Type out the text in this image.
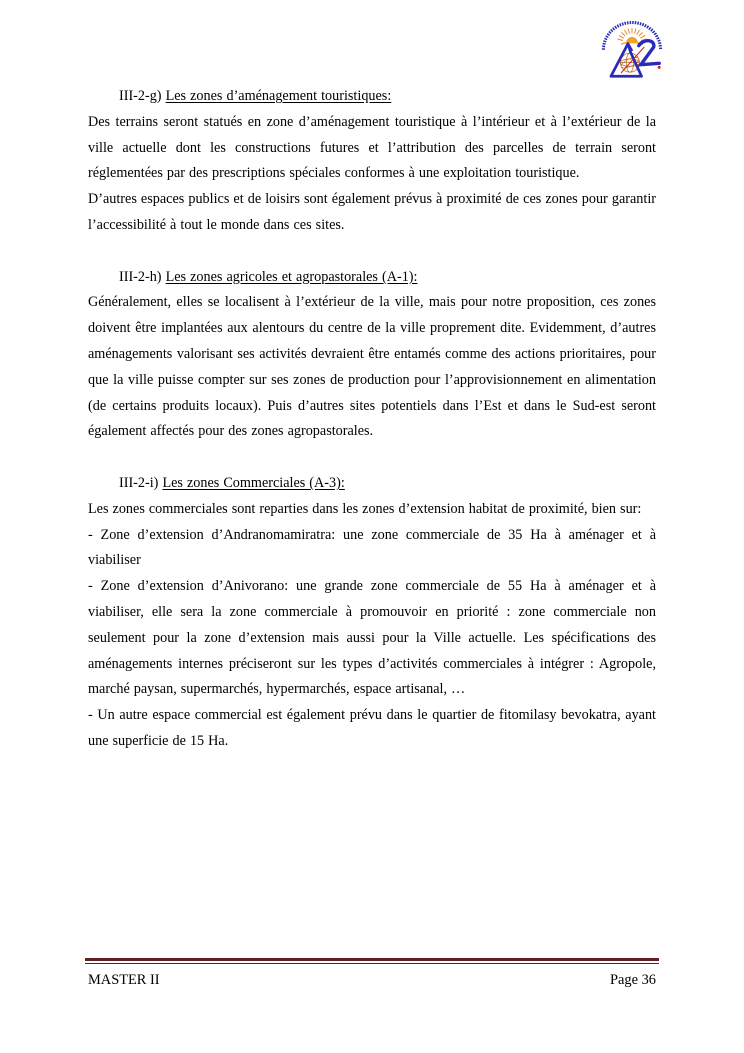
III-2-g) Les zones d’aménagement touristiques:

Des terrains seront statués en zone d’aménagement touristique à l’intérieur et à l’extérieur de la ville actuelle dont les constructions futures et l’attribution des parcelles de terrain seront réglementées par des prescriptions spéciales conformes à une exploitation touristique.

D’autres espaces publics et de loisirs sont également prévus à proximité de ces zones pour garantir l’accessibilité à tout le monde dans ces sites.

III-2-h) Les zones agricoles et agropastorales (A-1):

Généralement, elles se localisent à l’extérieur de la ville, mais pour notre proposition, ces zones doivent être implantées aux alentours du centre de la ville proprement dite. Evidemment, d’autres aménagements valorisant ses activités devraient être entamés comme des actions prioritaires, pour que la ville puisse compter sur ses zones de production pour l’approvisionnement en alimentation (de certains produits locaux). Puis d’autres sites potentiels dans l’Est et dans le Sud-est seront également affectés pour des zones agropastorales.

III-2-i) Les zones Commerciales (A-3):

Les zones commerciales sont reparties dans les zones d’extension habitat de proximité, bien sur:

- Zone d’extension d’Andranomamiratra: une zone commerciale de 35 Ha à aménager et à viabiliser

- Zone d’extension d’Anivorano: une grande zone commerciale de 55 Ha à aménager et à viabiliser, elle sera la zone commerciale à promouvoir en priorité : zone commerciale non seulement pour la zone d’extension mais aussi pour la Ville actuelle. Les spécifications des aménagements internes préciseront sur les types d’activités commerciales à intégrer : Agropole, marché paysan, supermarchés, hypermarchés, espace artisanal, …

- Un autre espace commercial est également prévu dans le quartier de fitomilasy bevokatra, ayant une superficie de 15 Ha.

MASTER II	Page 36
